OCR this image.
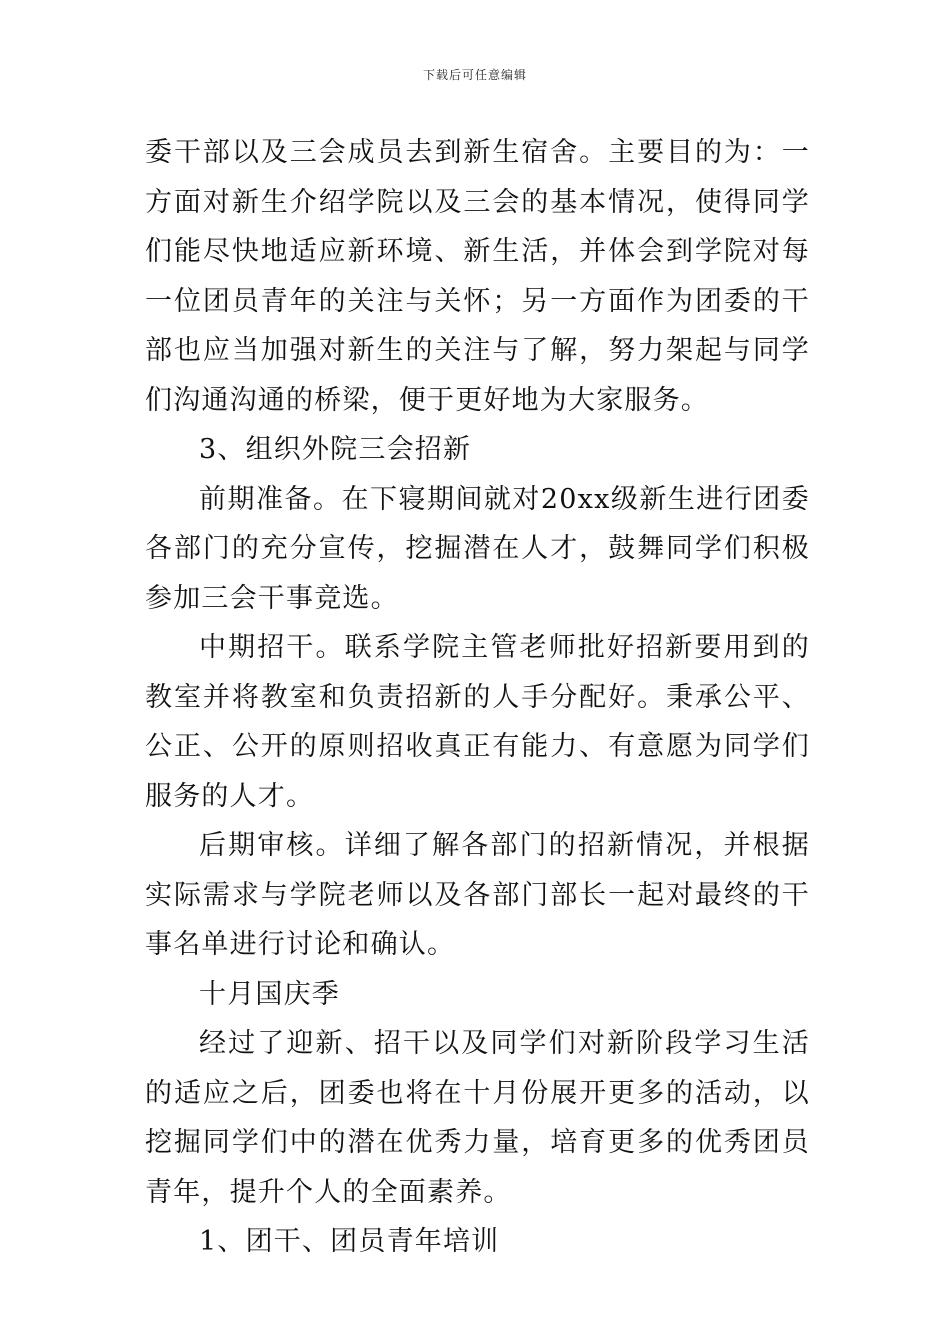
下载后可任意编辑

委干部以及三会成员去到新生宿舍。主要目的为：一方面对新生介绍学院以及三会的基本情况，使得同学们能尽快地适应新环境、新生活，并体会到学院对每一位团员青年的关注与关怀；另一方面作为团委的干部也应当加强对新生的关注与了解，努力架起与同学们沟通沟通的桥梁，便于更好地为大家服务。

3、组织外院三会招新

前期准备。在下寝期间就对20xx级新生进行团委各部门的充分宣传，挖掘潜在人才，鼓舞同学们积极参加三会干事竞选。

中期招干。联系学院主管老师批好招新要用到的教室并将教室和负责招新的人手分配好。秉承公平、公正、公开的原则招收真正有能力、有意愿为同学们服务的人才。

后期审核。详细了解各部门的招新情况，并根据实际需求与学院老师以及各部门部长一起对最终的干事名单进行讨论和确认。

十月国庆季

经过了迎新、招干以及同学们对新阶段学习生活的适应之后，团委也将在十月份展开更多的活动，以挖掘同学们中的潜在优秀力量，培育更多的优秀团员青年，提升个人的全面素养。

1、团干、团员青年培训
